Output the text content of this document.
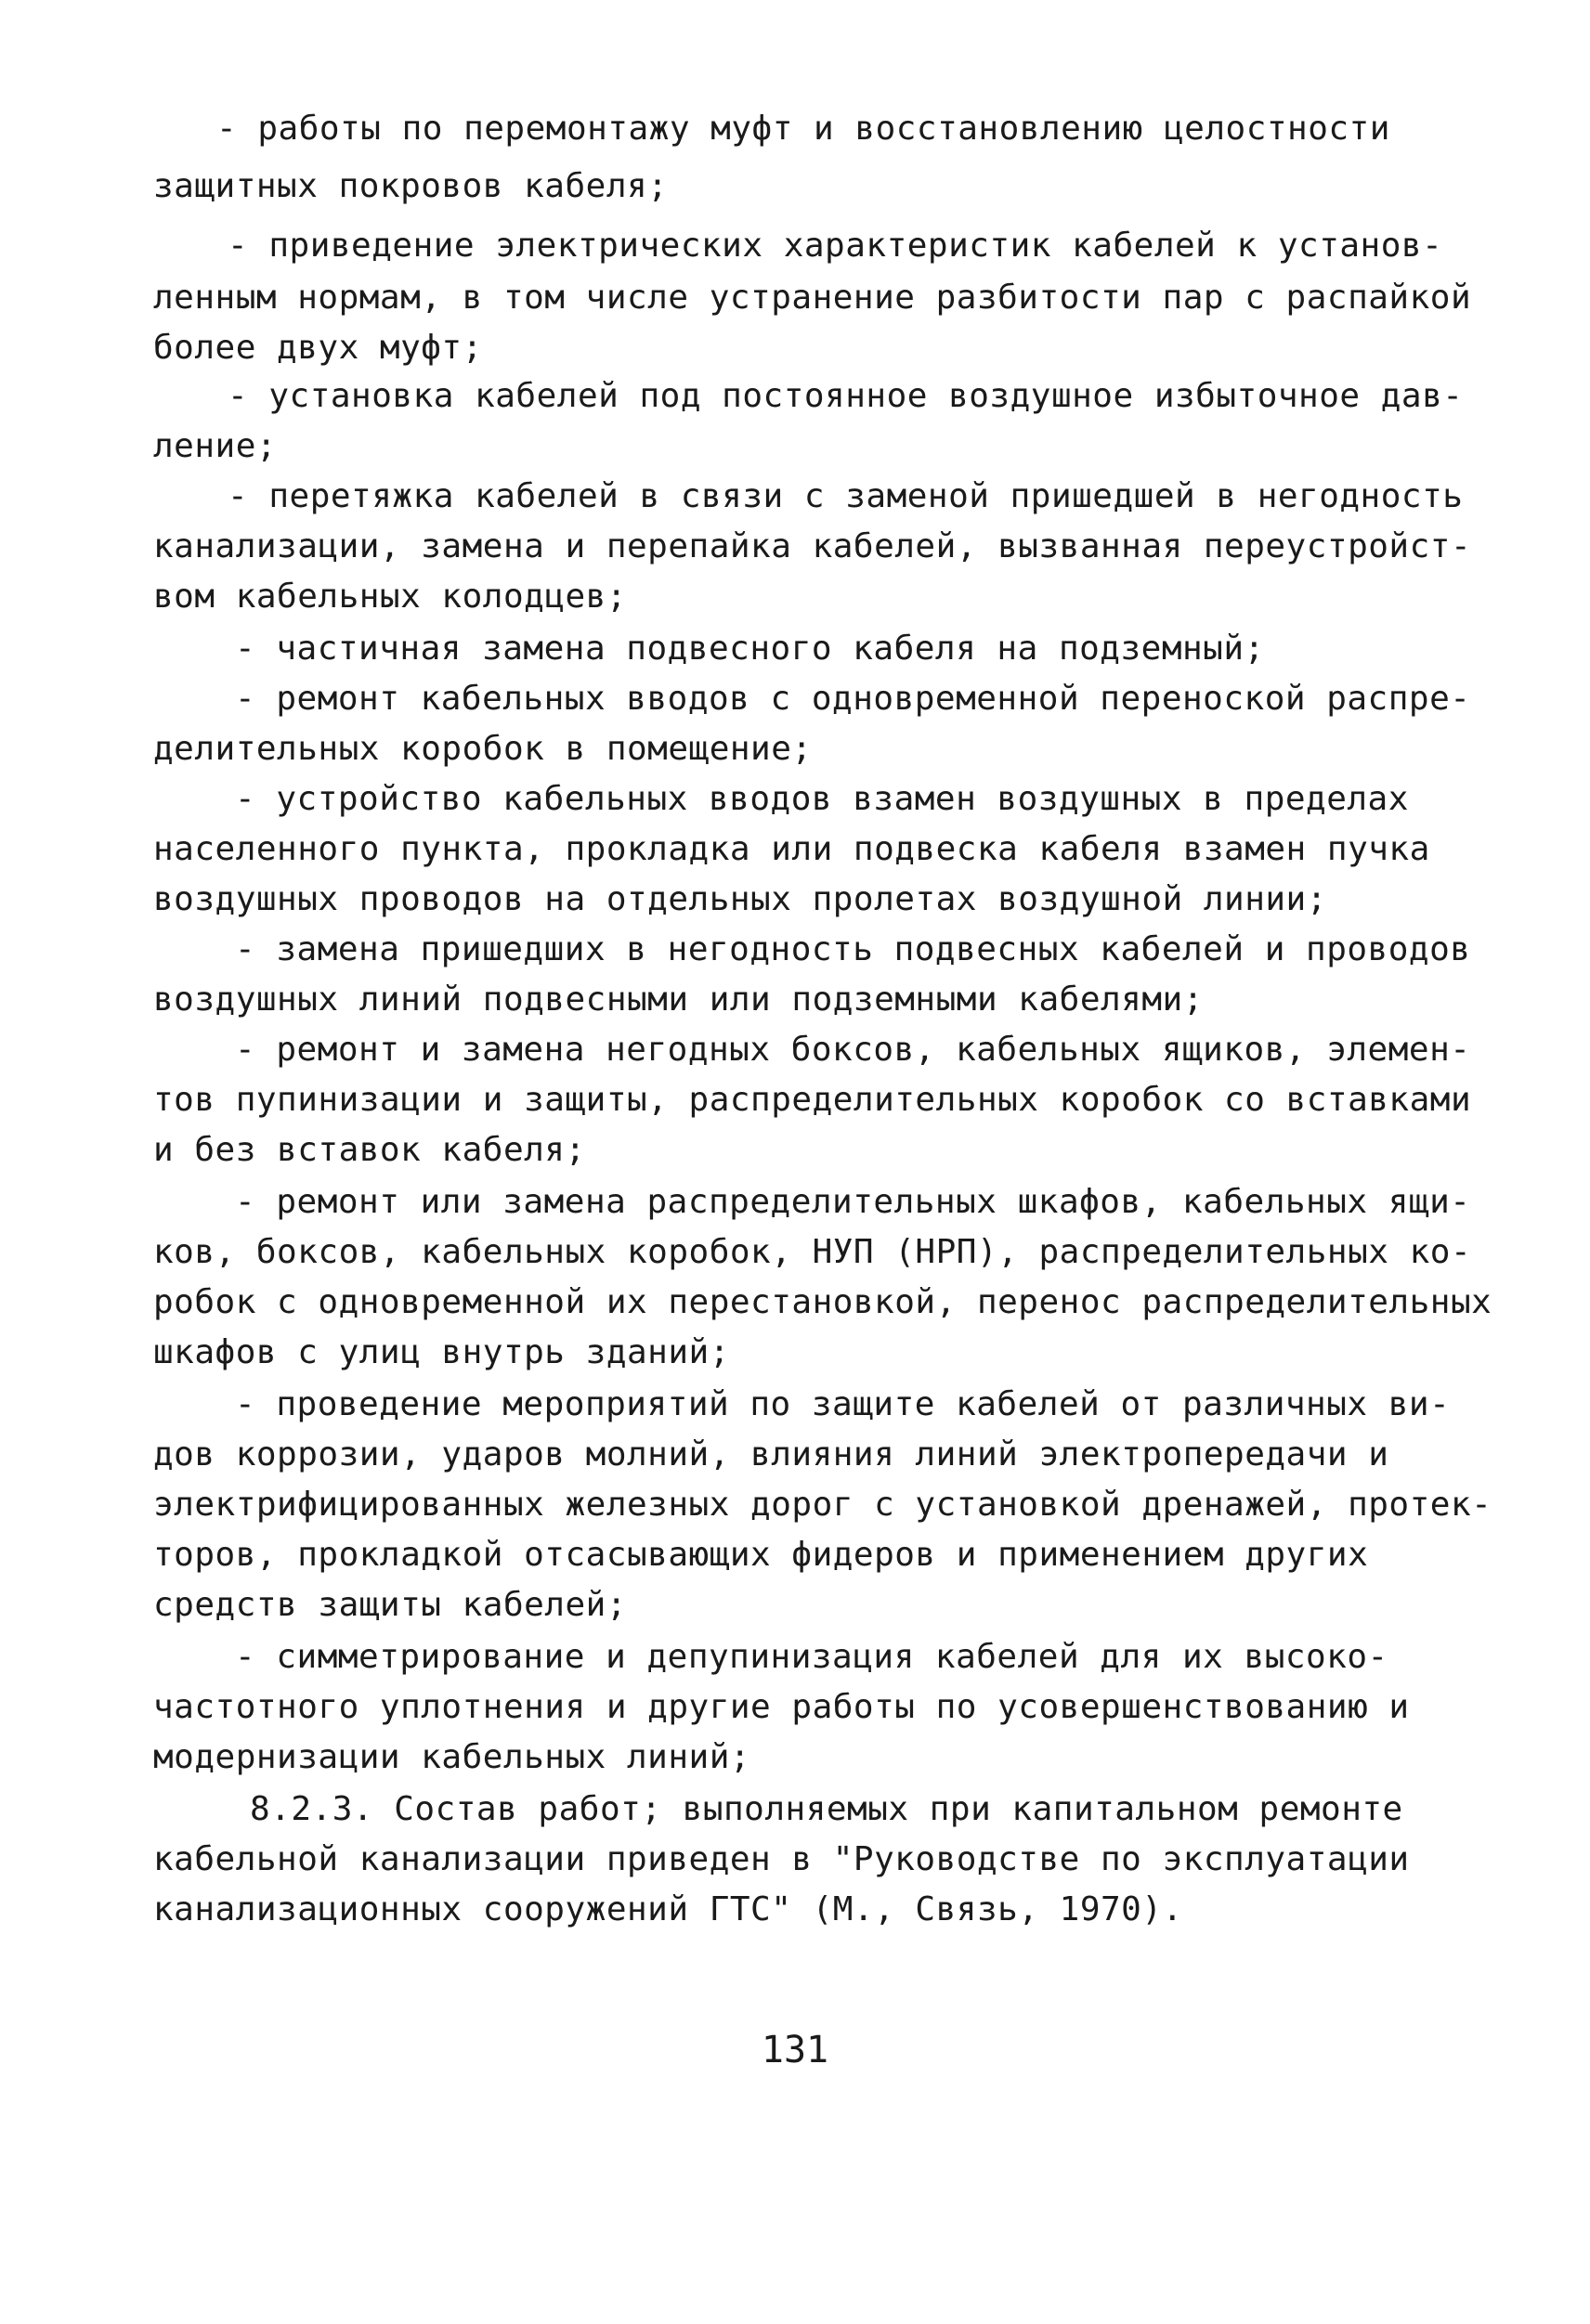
- работы по перемонтажу муфт и восстановлению целостности
защитных покровов кабеля;
- приведение электрических характеристик кабелей к установ-
ленным нормам, в том числе устранение разбитости пар с распайкой
более двух муфт;
- установка кабелей под постоянное воздушное избыточное дав-
ление;
- перетяжка кабелей в связи с заменой пришедшей в негодность
канализации, замена и перепайка кабелей, вызванная переустройст-
вом кабельных колодцев;
- частичная замена подвесного кабеля на подземный;
- ремонт кабельных вводов с одновременной переноской распре-
делительных коробок в помещение;
- устройство кабельных вводов взамен воздушных в пределах
населенного пункта, прокладка или подвеска кабеля взамен пучка
воздушных проводов на отдельных пролетах воздушной линии;
- замена пришедших в негодность подвесных кабелей и проводов
воздушных линий подвесными или подземными кабелями;
- ремонт и замена негодных боксов, кабельных ящиков, элемен-
тов пупинизации и защиты, распределительных коробок со вставками
и без вставок кабеля;
- ремонт или замена распределительных шкафов, кабельных ящи-
ков, боксов, кабельных коробок, НУП (НРП), распределительных ко-
робок с одновременной их перестановкой, перенос распределительных
шкафов с улиц внутрь зданий;
- проведение мероприятий по защите кабелей от различных ви-
дов коррозии, ударов молний, влияния линий электропередачи и
электрифицированных железных дорог с установкой дренажей, протек-
торов, прокладкой отсасывающих фидеров и применением других
средств защиты кабелей;
- симметрирование и депупинизация кабелей для их высоко-
частотного уплотнения и другие работы по усовершенствованию и
модернизации кабельных линий;
8.2.3. Состав работ; выполняемых при капитальном ремонте
кабельной канализации приведен в "Руководстве по эксплуатации
канализационных сооружений ГТС" (М., Связь, 1970).
131
